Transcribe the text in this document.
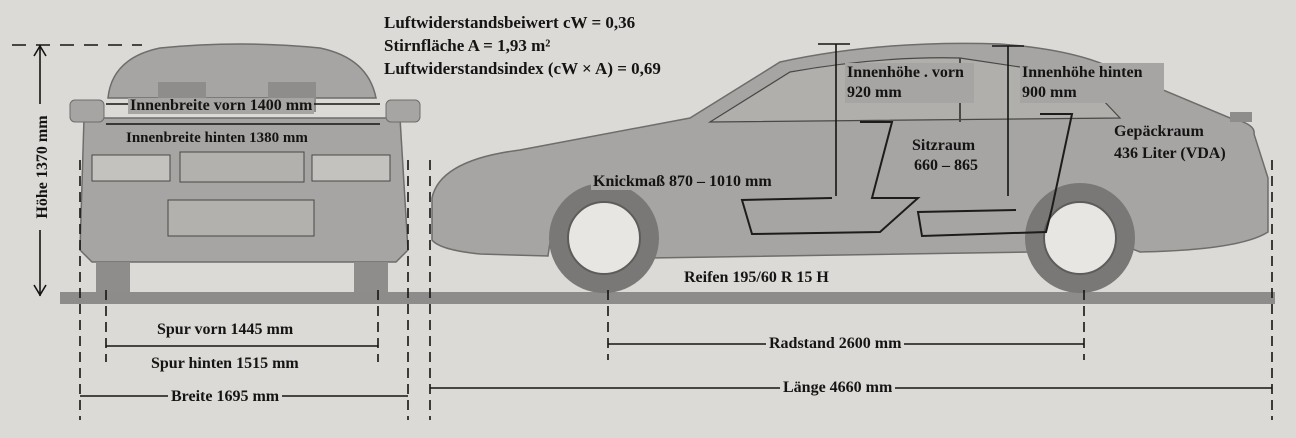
Luftwiderstandsbeiwert cW = 0,36
Stirnfläche A = 1,93 m²
Luftwiderstandsindex (cW × A) = 0,69
Höhe 1370 mm
Innenbreite vorn 1400 mm
Innenbreite hinten 1380 mm
Spur vorn 1445 mm
Spur hinten 1515 mm
Breite 1695 mm
Innenhöhe . vorn 920 mm
Innenhöhe hinten 900 mm
Sitzraum
660 – 865
Knickmaß 870 – 1010 mm
Gepäckraum
436 Liter (VDA)
Reifen 195/60 R 15 H
Radstand 2600 mm
Länge 4660 mm
